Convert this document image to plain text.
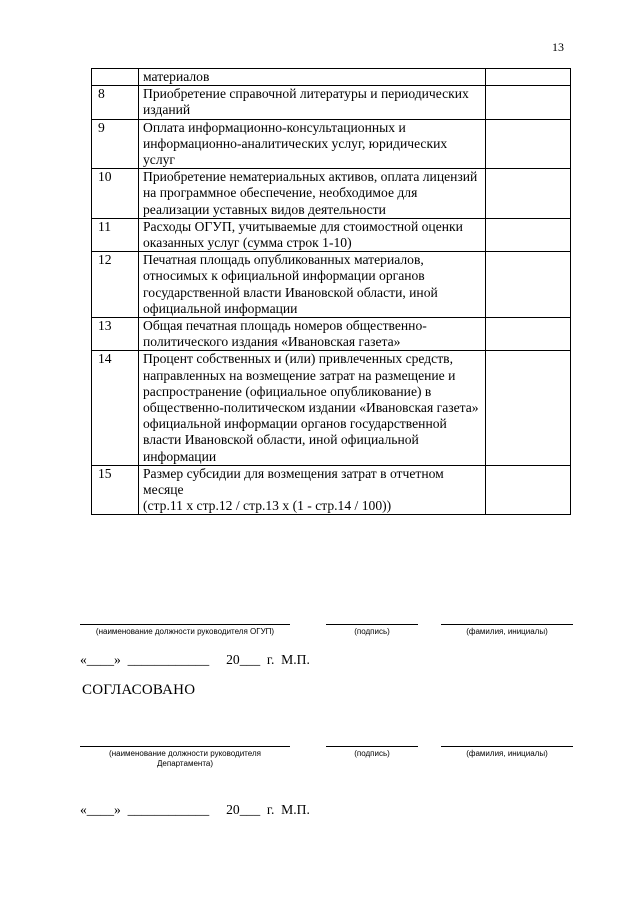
13
	материалов	
8	Приобретение справочной литературы и периодических изданий	
9	Оплата информационно-консультационных и информационно-аналитических услуг, юридических услуг	
10	Приобретение нематериальных активов, оплата лицензий на программное обеспечение, необходимое для реализации уставных видов деятельности	
11	Расходы ОГУП, учитываемые для стоимостной оценки оказанных услуг (сумма строк 1-10)	
12	Печатная площадь опубликованных материалов, относимых к официальной информации органов государственной власти Ивановской области, иной официальной информации	
13	Общая печатная площадь номеров общественно-политического издания «Ивановская газета»	
14	Процент собственных и (или) привлеченных средств, направленных на возмещение затрат на размещение и распространение (официальное опубликование) в общественно-политическом издании «Ивановская газета» официальной информации органов государственной власти Ивановской области, иной официальной информации	
15	Размер субсидии для возмещения затрат в отчетном месяце
(стр.11 х стр.12 / стр.13 х (1 - стр.14 / 100))	
(наименование должности руководителя ОГУП)	(подпись)	(фамилия, инициалы)
«____»  ____________     20___  г.  М.П.
СОГЛАСОВАНО
(наименование должности руководителя
Департамента)
(подпись)	(фамилия, инициалы)
«____»  ____________     20___  г.  М.П.
